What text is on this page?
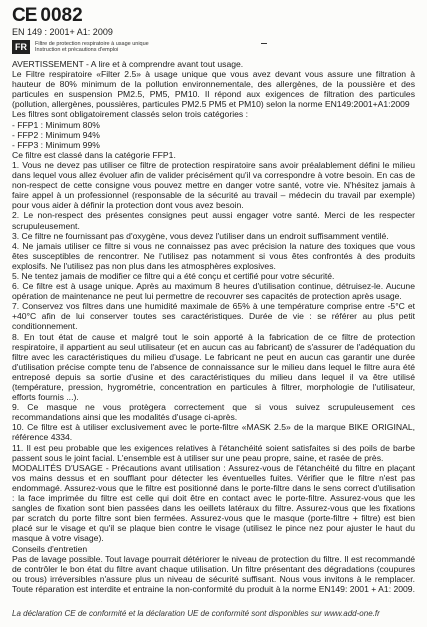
CE 0082
EN 149 : 2001+ A1: 2009
FR	Filtre de protection respiratoire à usage unique
Instruction et précautions d'emploi

AVERTISSEMENT - A lire et à comprendre avant tout usage.

Le Filtre respiratoire «Filter 2.5» à usage unique que vous avez devant vous assure une filtration à hauteur de 80% minimum de la pollution environnementale, des allergènes, de la poussière et des particules en suspension PM2.5, PM5, PM10. Il répond aux exigences de filtration des particules (pollution, allergènes, poussières, particules PM2.5 PM5 et PM10) selon la norme EN149:2001+A1:2009

Les filtres sont obligatoirement classés selon trois catégories :

- FFP1 : Minimum 80%

- FFP2 : Minimum 94%

- FFP3 : Minimum 99%

Ce filtre est classé dans la catégorie FFP1.

1. Vous ne devez pas utiliser ce filtre de protection respiratoire sans avoir préalablement défini le milieu dans lequel vous allez évoluer afin de valider précisément qu'il va correspondre à votre besoin. En cas de non-respect de cette consigne vous pouvez mettre en danger votre santé, votre vie. N'hésitez jamais à faire appel à un professionnel (responsable de la sécurité au travail – médecin du travail par exemple) pour vous aider à définir la protection dont vous avez besoin.

2. Le non-respect des présentes consignes peut aussi engager votre santé. Merci de les respecter scrupuleusement.

3. Ce filtre ne fournissant pas d'oxygène, vous devez l'utiliser dans un endroit suffisamment ventilé.

4. Ne jamais utiliser ce filtre si vous ne connaissez pas avec précision la nature des toxiques que vous êtes susceptibles de rencontrer. Ne l'utilisez pas notamment si vous êtes confrontés à des produits explosifs. Ne l'utilisez pas non plus dans les atmosphères explosives.

5. Ne tentez jamais de modifier ce filtre qui a été conçu et certifié pour votre sécurité.

6. Ce filtre est à usage unique. Après au maximum 8 heures d'utilisation continue, détruisez-le. Aucune opération de maintenance ne peut lui permettre de recouvrer ses capacités de protection après usage.

7. Conservez vos filtres dans une humidité maximale de 65% à une température comprise entre -5°C et +40°C afin de lui conserver toutes ses caractéristiques. Durée de vie : se référer au plus petit conditionnement.

8. En tout état de cause et malgré tout le soin apporté à la fabrication de ce filtre de protection respiratoire, il appartient au seul utilisateur (et en aucun cas au fabricant) de s'assurer de l'adéquation du filtre avec les caractéristiques du milieu d'usage. Le fabricant ne peut en aucun cas garantir une durée d'utilisation précise compte tenu de l'absence de connaissance sur le milieu dans lequel le filtre aura été entreposé depuis sa sortie d'usine et des caractéristiques du milieu dans lequel il va être utilisé (température, pression, hygrométrie, concentration en particules à filtrer, morphologie de l'utilisateur, efforts fournis ...).

9. Ce masque ne vous protègera correctement que si vous suivez scrupuleusement ces recommandations ainsi que les modalités d'usage ci-après.

10. Ce filtre est à utiliser exclusivement avec le porte-filtre «MASK 2.5» de la marque BIKE ORIGINAL, référence 4334.

11. Il est peu probable que les exigences relatives à l'étanchéité soient satisfaites si des poils de barbe passent sous le joint facial. L'ensemble est à utiliser sur une peau propre, saine, et rasée de près.

MODALITÉS D'USAGE - Précautions avant utilisation : Assurez-vous de l'étanchéité du filtre en plaçant vos mains dessus et en soufflant pour détecter les éventuelles fuites. Vérifier que le filtre n'est pas endommagé. Assurez-vous que le filtre est positionné dans le porte-filtre dans le sens correct d'utilisation : la face imprimée du filtre est celle qui doit être en contact avec le porte-filtre. Assurez-vous que les sangles de fixation sont bien passées dans les oeillets latéraux du filtre. Assurez-vous que les fixations par scratch du porte filtre sont bien fermées. Assurez-vous que le masque (porte-filtre + filtre) est bien placé sur le visage et qu'il se plaque bien contre le visage (utilisez le pince nez pour ajuster le haut du masque à votre visage).

Conseils d'entretien

Pas de lavage possible. Tout lavage pourrait détériorer le niveau de protection du filtre. Il est recommandé de contrôler le bon état du filtre avant chaque utilisation. Un filtre présentant des dégradations (coupures ou trous) irréversibles n'assure plus un niveau de sécurité suffisant. Nous vous invitons à le remplacer. Toute réparation est interdite et entraine la non-conformité du produit à la norme EN149: 2001 + A1: 2009.

La déclaration CE de conformité et la déclaration UE de conformité sont disponibles sur www.add-one.fr
